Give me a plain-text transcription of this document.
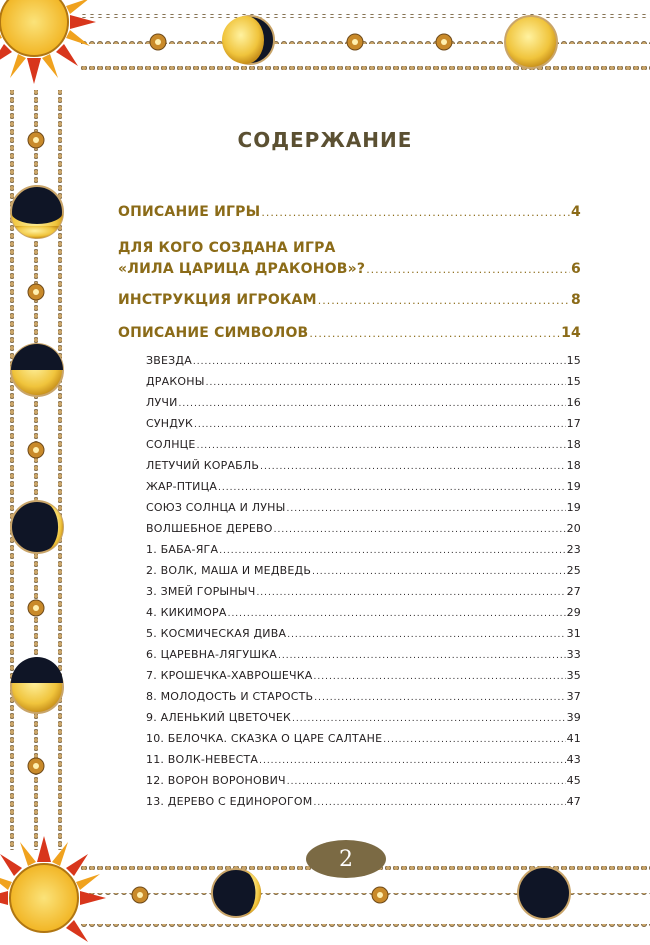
СОДЕРЖАНИЕ
ОПИСАНИЕ ИГРЫ .....	4
ДЛЯ КОГО СОЗДАНА ИГРА
«ЛИЛА ЦАРИЦА ДРАКОНОВ»? .....	6
ИНСТРУКЦИЯ ИГРОКАМ .....	8
ОПИСАНИЕ СИМВОЛОВ .....	14
ЗВЕЗДА .....	15
ДРАКОНЫ .....	15
ЛУЧИ .....	16
СУНДУК .....	17
СОЛНЦЕ .....	18
ЛЕТУЧИЙ КОРАБЛЬ .....	18
ЖАР-ПТИЦА .....	19
СОЮЗ СОЛНЦА И ЛУНЫ .....	19
ВОЛШЕБНОЕ ДЕРЕВО .....	20
1. БАБА-ЯГА .....	23
2. ВОЛК, МАША И МЕДВЕДЬ .....	25
3. ЗМЕЙ ГОРЫНЫЧ .....	27
4. КИКИМОРА .....	29
5. КОСМИЧЕСКАЯ ДИВА .....	31
6. ЦАРЕВНА-ЛЯГУШКА .....	33
7. КРОШЕЧКА-ХАВРОШЕЧКА .....	35
8. МОЛОДОСТЬ И СТАРОСТЬ .....	37
9. АЛЕНЬКИЙ ЦВЕТОЧЕК .....	39
10. БЕЛОЧКА. СКАЗКА О ЦАРЕ САЛТАНЕ .....	41
11. ВОЛК-НЕВЕСТА .....	43
12. ВОРОН ВОРОНОВИЧ .....	45
13. ДЕРЕВО С ЕДИНОРОГОМ .....	47
2
